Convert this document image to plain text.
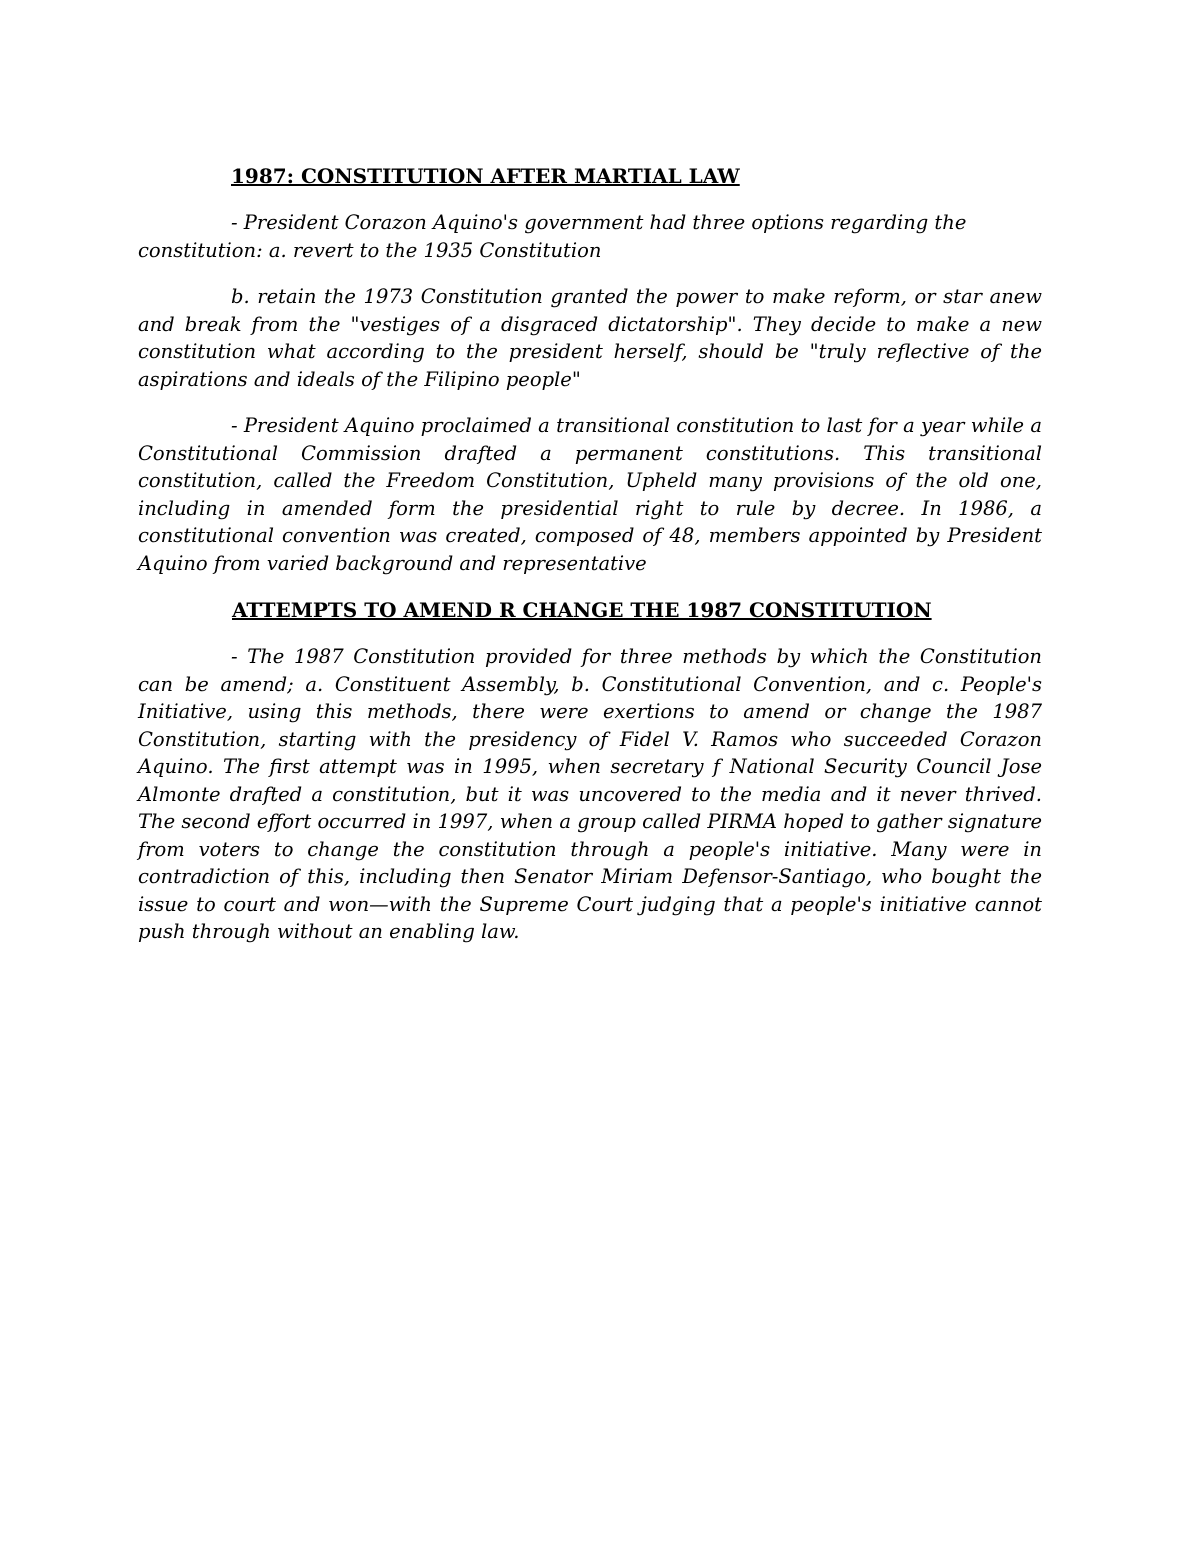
1987: CONSTITUTION AFTER MARTIAL LAW

- President Corazon Aquino's government had three options regarding the constitution: a. revert to the 1935 Constitution

b. retain the 1973 Constitution granted the power to make reform, or star anew and break from the "vestiges of a disgraced dictatorship". They decide to make a new constitution what according to the president herself, should be "truly reflective of the aspirations and ideals of the Filipino people"

- President Aquino proclaimed a transitional constitution to last for a year while a Constitutional Commission drafted a permanent constitutions. This transitional constitution, called the Freedom Constitution, Upheld many provisions of the old one, including in amended form the presidential right to rule by decree. In 1986, a constitutional convention was created, composed of 48, members appointed by President Aquino from varied background and representative

ATTEMPTS TO AMEND R CHANGE THE 1987 CONSTITUTION

- The 1987 Constitution provided for three methods by which the Constitution can be amend; a. Constituent Assembly, b. Constitutional Convention, and c. People's Initiative, using this methods, there were exertions to amend or change the 1987 Constitution, starting with the presidency of Fidel V. Ramos who succeeded Corazon Aquino. The first attempt was in 1995, when secretary f National Security Council Jose Almonte drafted a constitution, but it was uncovered to the media and it never thrived. The second effort occurred in 1997, when a group called PIRMA hoped to gather signature from voters to change the constitution through a people's initiative. Many were in contradiction of this, including then Senator Miriam Defensor-Santiago, who bought the issue to court and won—with the Supreme Court judging that a people's initiative cannot push through without an enabling law.
